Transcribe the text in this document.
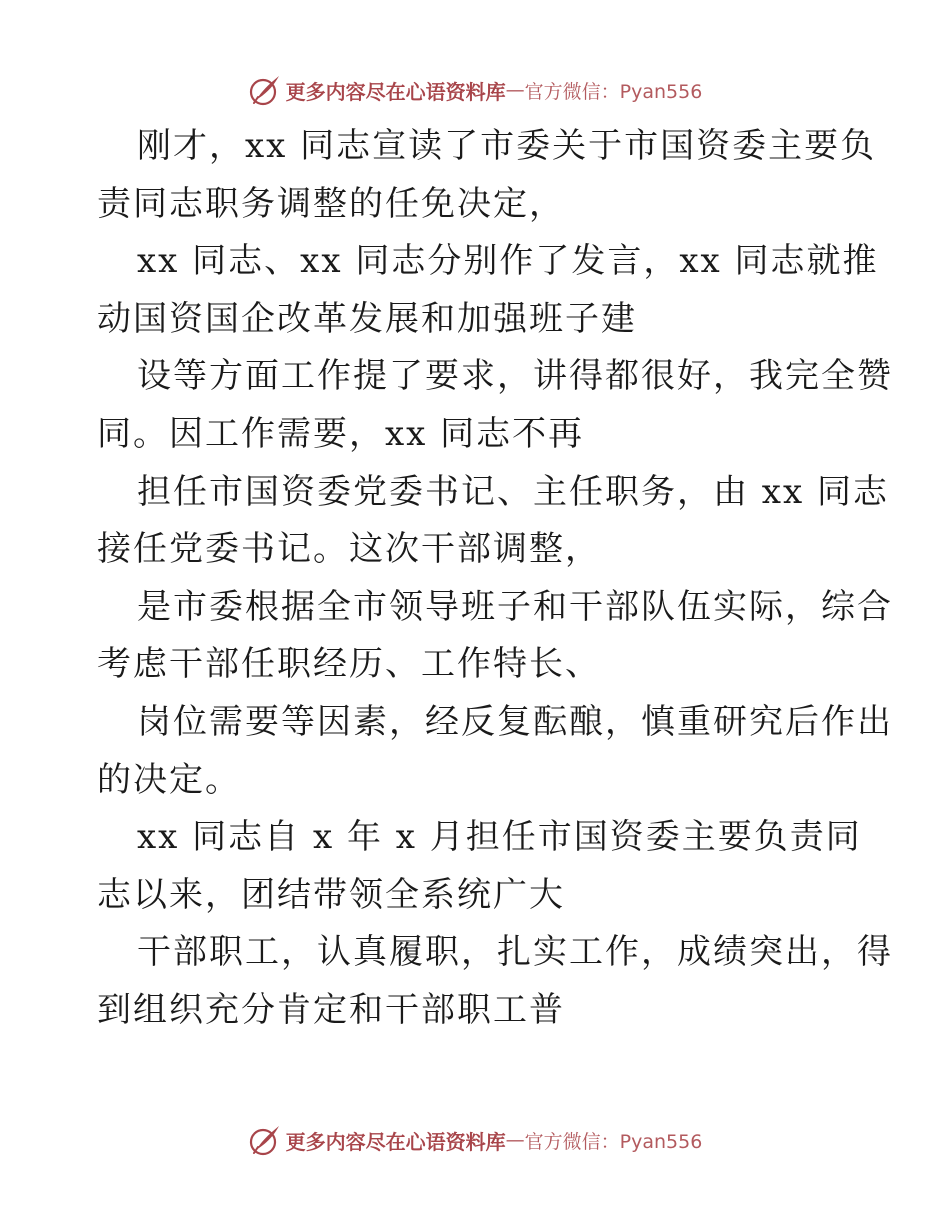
更多内容尽在心语资料库 — 官方微信：Pyan556
刚才，xx 同志宣读了市委关于市国资委主要负
责同志职务调整的任免决定，
xx 同志、xx 同志分别作了发言，xx 同志就推
动国资国企改革发展和加强班子建
设等方面工作提了要求，讲得都很好，我完全赞
同。因工作需要，xx 同志不再
担任市国资委党委书记、主任职务，由 xx 同志
接任党委书记。这次干部调整，
是市委根据全市领导班子和干部队伍实际，综合
考虑干部任职经历、工作特长、
岗位需要等因素，经反复酝酿，慎重研究后作出
的决定。
xx 同志自 x 年 x 月担任市国资委主要负责同
志以来，团结带领全系统广大
干部职工，认真履职，扎实工作，成绩突出，得
到组织充分肯定和干部职工普
更多内容尽在心语资料库 — 官方微信：Pyan556
